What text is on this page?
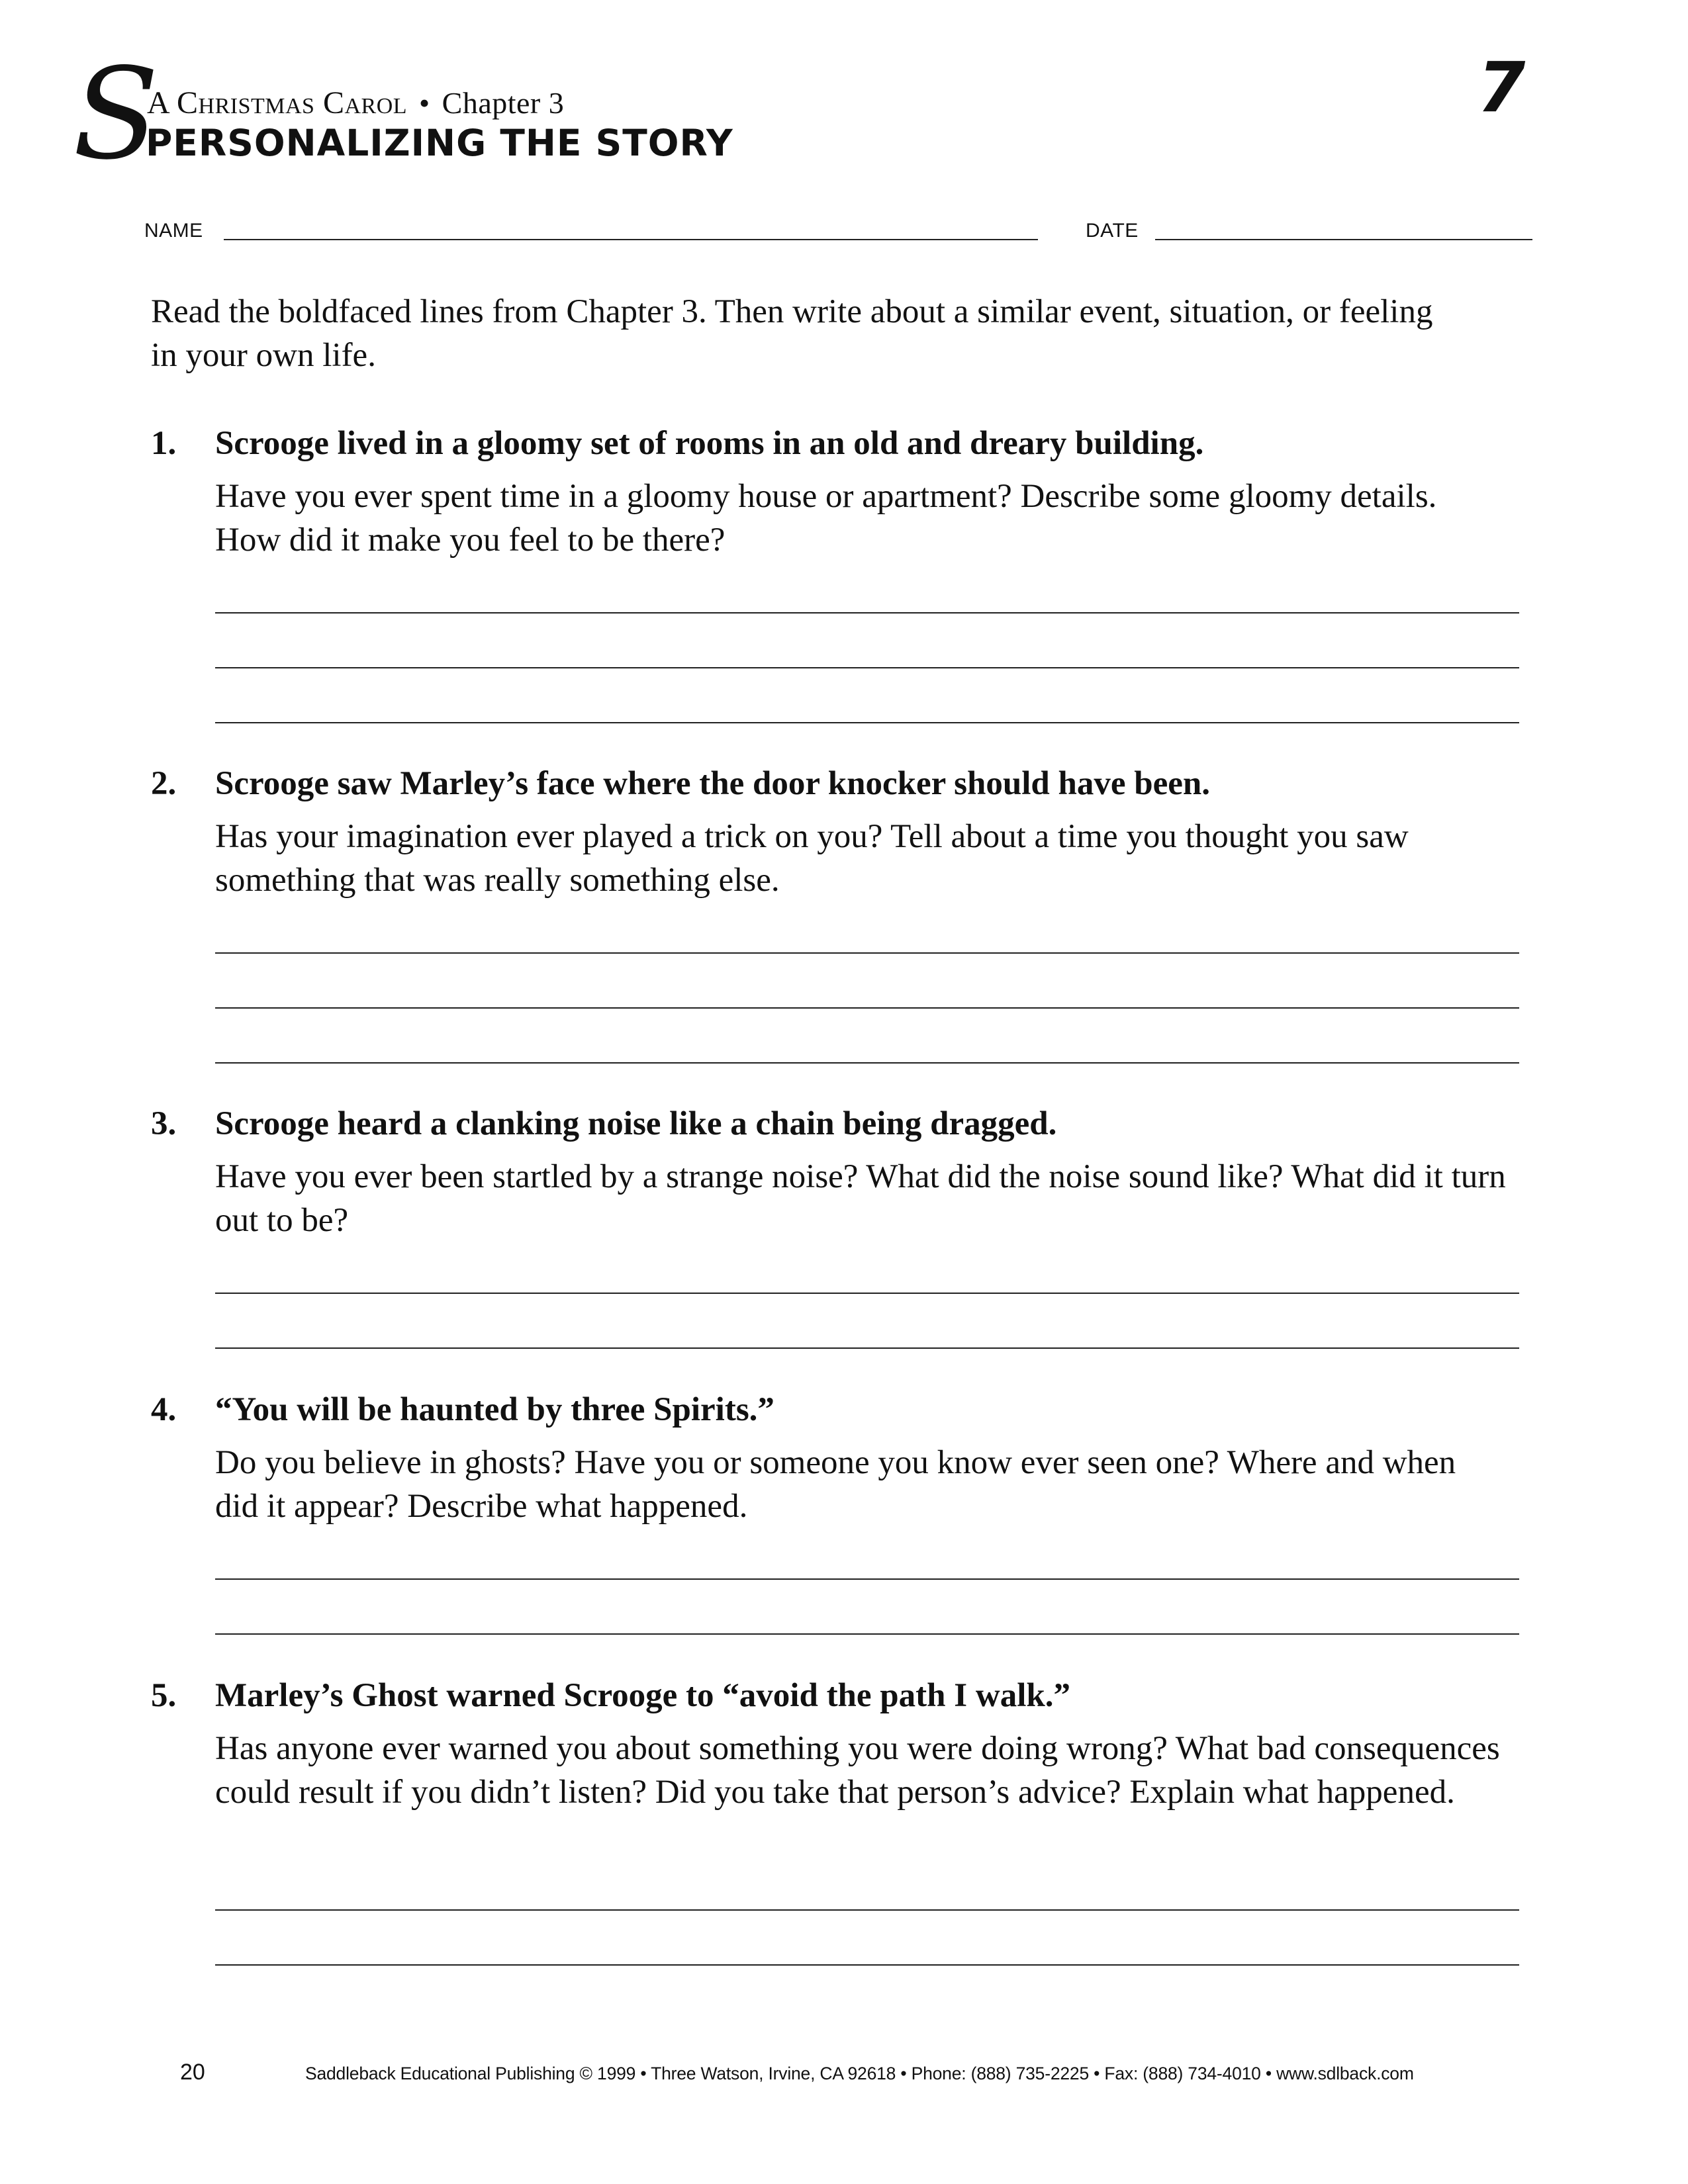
S
A Christmas Carol • Chapter 3
PERSONALIZING THE STORY
7
NAME	DATE
Read the boldfaced lines from Chapter 3. Then write about a similar event, situation, or feeling in your own life.
1. Scrooge lived in a gloomy set of rooms in an old and dreary building.
Have you ever spent time in a gloomy house or apartment? Describe some gloomy details. How did it make you feel to be there?
2. Scrooge saw Marley’s face where the door knocker should have been.
Has your imagination ever played a trick on you? Tell about a time you thought you saw something that was really something else.
3. Scrooge heard a clanking noise like a chain being dragged.
Have you ever been startled by a strange noise? What did the noise sound like? What did it turn out to be?
4. “You will be haunted by three Spirits.”
Do you believe in ghosts? Have you or someone you know ever seen one? Where and when did it appear? Describe what happened.
5. Marley’s Ghost warned Scrooge to “avoid the path I walk.”
Has anyone ever warned you about something you were doing wrong? What bad consequences could result if you didn’t listen? Did you take that person’s advice? Explain what happened.
20	Saddleback Educational Publishing © 1999 • Three Watson, Irvine, CA 92618 • Phone: (888) 735-2225 • Fax: (888) 734-4010 • www.sdlback.com
